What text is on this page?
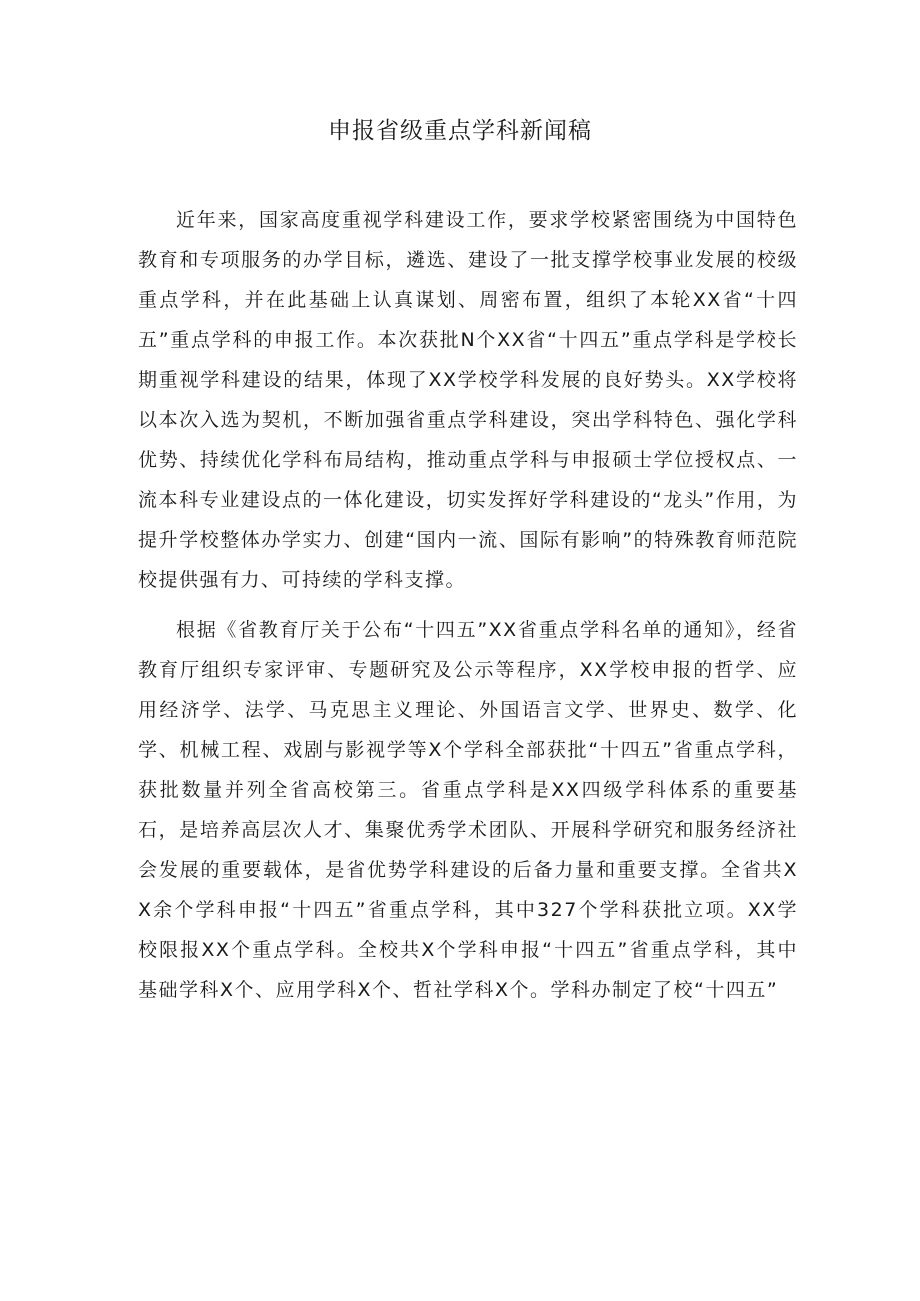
申报省级重点学科新闻稿

近年来，国家高度重视学科建设工作，要求学校紧密围绕为中国特色教育和专项服务的办学目标，遴选、建设了一批支撑学校事业发展的校级重点学科，并在此基础上认真谋划、周密布置，组织了本轮XX省“十四五”重点学科的申报工作。本次获批N个XX省“十四五”重点学科是学校长期重视学科建设的结果，体现了XX学校学科发展的良好势头。XX学校将以本次入选为契机，不断加强省重点学科建设，突出学科特色、强化学科优势、持续优化学科布局结构，推动重点学科与申报硕士学位授权点、一流本科专业建设点的一体化建设，切实发挥好学科建设的“龙头”作用，为提升学校整体办学实力、创建“国内一流、国际有影响”的特殊教育师范院校提供强有力、可持续的学科支撑。

根据《省教育厅关于公布“十四五”XX省重点学科名单的通知》，经省教育厅组织专家评审、专题研究及公示等程序，XX学校申报的哲学、应用经济学、法学、马克思主义理论、外国语言文学、世界史、数学、化学、机械工程、戏剧与影视学等X个学科全部获批“十四五”省重点学科，获批数量并列全省高校第三。省重点学科是XX四级学科体系的重要基石，是培养高层次人才、集聚优秀学术团队、开展科学研究和服务经济社会发展的重要载体，是省优势学科建设的后备力量和重要支撑。全省共XX余个学科申报“十四五”省重点学科，其中327个学科获批立项。XX学校限报XX个重点学科。全校共X个学科申报“十四五”省重点学科，其中基础学科X个、应用学科X个、哲社学科X个。学科办制定了校“十四五”
